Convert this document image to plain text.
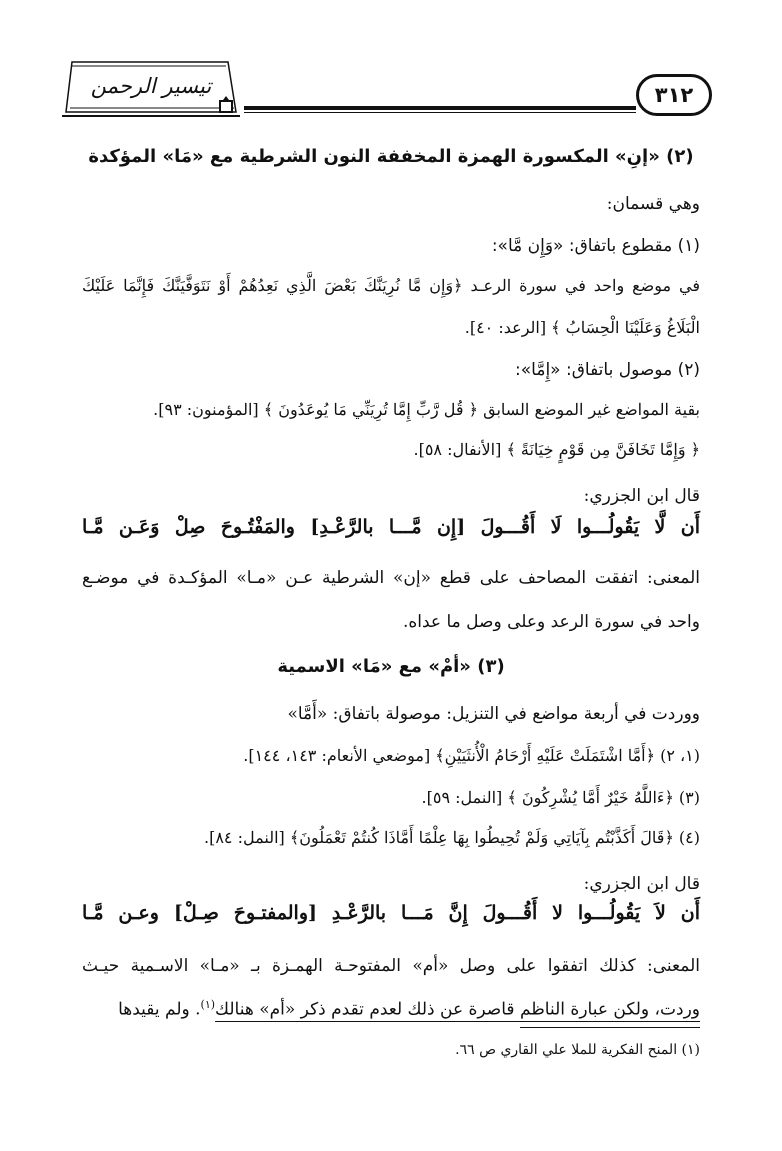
تيسير الرحمن	٣١٢
(٢) «إنِ» المكسورة الهمزة المخففة النون الشرطية مع «مَا» المؤكدة
وهي قسمان:
(١) مقطوع باتفاق: «وَإِن مَّا»:
في موضع واحد في سورة الرعـد ﴿وَإِن مَّا نُرِيَنَّكَ بَعْضَ الَّذِي نَعِدُهُمْ أَوْ نَتَوَفَّيَنَّكَ فَإِنَّمَا عَلَيْكَ
الْبَلَاغُ وَعَلَيْنَا الْحِسَابُ ﴾ [الرعد: ٤٠].
(٢) موصول باتفاق: «إِمَّا»:
بقية المواضع غير الموضع السابق ﴿ قُل رَّبِّ إِمَّا تُرِيَنِّي مَا يُوعَدُونَ ﴾ [المؤمنون: ٩٣].
﴿ وَإِمَّا تَخَافَنَّ مِن قَوْمٍ خِيَانَةً ﴾ [الأنفال: ٥٨].
قال ابن الجزري:
أَن لَّا يَقُولُـــوا لَا أَقُـــولَ [إِن مَّـــا بالرَّعْـدِ] والمَفْتُـوحَ صِلْ وَعَـن مَّـا
المعنى: اتفقت المصاحف على قطع «إن» الشرطية عـن «مـا» المؤكـدة في موضـع
واحد في سورة الرعد وعلى وصل ما عداه.
(٣) «أمْ» مع «مَا» الاسمية
ووردت في أربعة مواضع في التنزيل: موصولة باتفاق: «أَمَّا»
(١، ٢) ﴿أَمَّا اشْتَمَلَتْ عَلَيْهِ أَرْحَامُ الْأُنثَيَيْنِ﴾ [موضعي الأنعام: ١٤٣، ١٤٤].
(٣) ﴿ءَاللَّهُ خَيْرٌ أَمَّا يُشْرِكُونَ ﴾ [النمل: ٥٩].
(٤) ﴿قَالَ أَكَذَّبْتُم بِآيَاتِي وَلَمْ تُحِيطُوا بِهَا عِلْمًا أَمَّاذَا كُنتُمْ تَعْمَلُونَ﴾ [النمل: ٨٤].
قال ابن الجزري:
أَن لاَ يَقُولُـــوا لا أَقُـــولَ إِنَّ مَـــا بالرَّعْـدِ [والمفتـوحَ صِـلْ] وعـن مَّـا
المعنى: كذلك اتفقوا على وصل «أم» المفتوحـة الهمـزة بـ «مـا» الاسـمية حيـث
وردت، ولكن عبارة الناظم قاصرة عن ذلك لعدم تقدم ذكر «أم» هنالك$^{(١)}$. ولم يقيدها
(١) المنح الفكرية للملا علي القاري ص ٦٦.
